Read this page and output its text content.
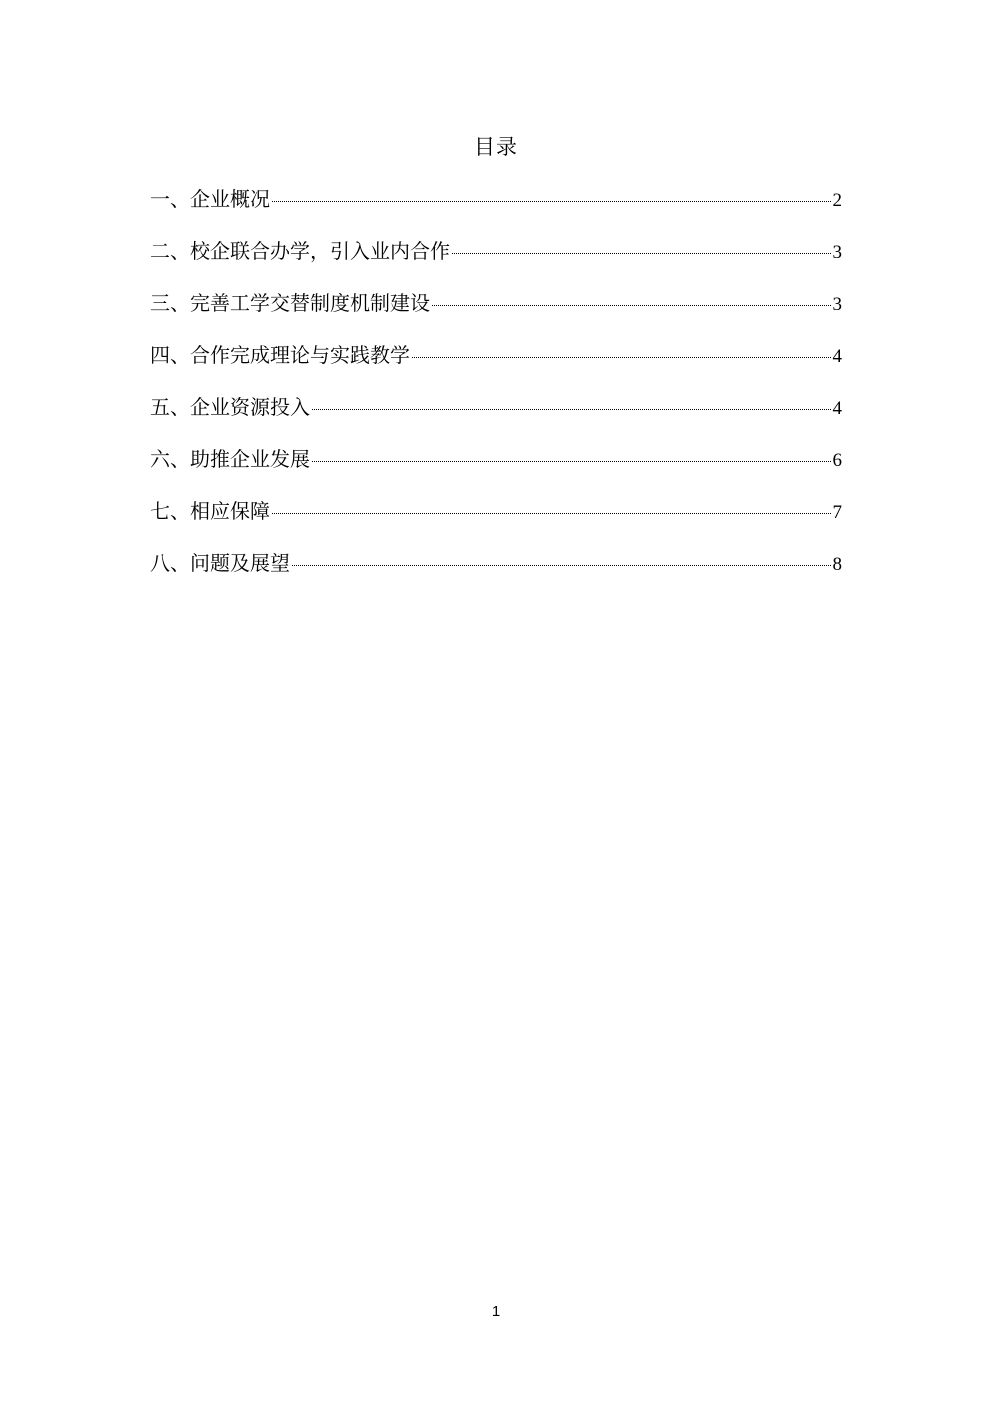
目录
一、企业概况	2
二、校企联合办学，引入业内合作	3
三、完善工学交替制度机制建设	3
四、合作完成理论与实践教学	4
五、企业资源投入	4
六、助推企业发展	6
七、相应保障	7
八、问题及展望	8
1
